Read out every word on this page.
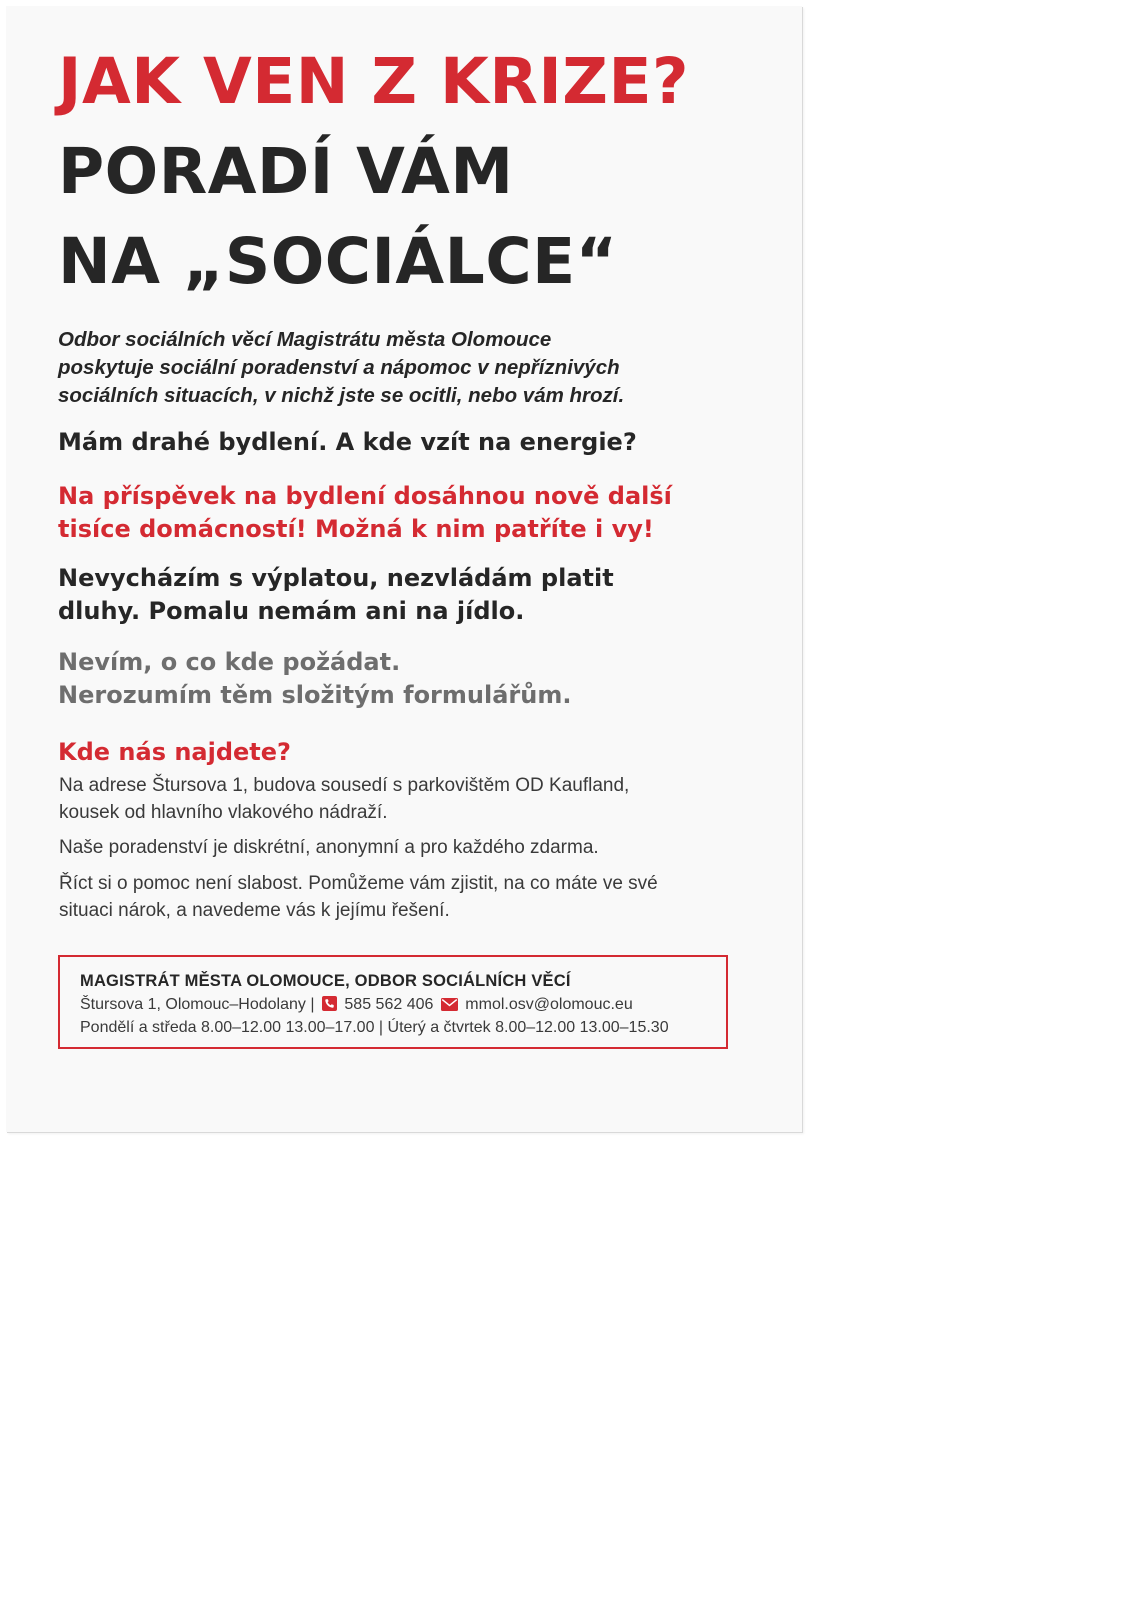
JAK VEN Z KRIZE?
PORADÍ VÁM
NA „SOCIÁLCE“

Odbor sociálních věcí Magistrátu města Olomouce
poskytuje sociální poradenství a nápomoc v nepříznivých
sociálních situacích, v nichž jste se ocitli, nebo vám hrozí.

Mám drahé bydlení. A kde vzít na energie?

Na příspěvek na bydlení dosáhnou nově další
tisíce domácností! Možná k nim patříte i vy!

Nevycházím s výplatou, nezvládám platit
dluhy. Pomalu nemám ani na jídlo.

Nevím, o co kde požádat.
Nerozumím těm složitým formulářům.

Kde nás najdete?

Na adrese Štursova 1, budova sousedí s parkovištěm OD Kaufland,
kousek od hlavního vlakového nádraží.

Naše poradenství je diskrétní, anonymní a pro každého zdarma.

Říct si o pomoc není slabost. Pomůžeme vám zjistit, na co máte ve své
situaci nárok, a navedeme vás k jejímu řešení.

MAGISTRÁT MĚSTA OLOMOUCE, ODBOR SOCIÁLNÍCH VĚCÍ

Štursova 1, Olomouc–Hodolany | 585 562 406 mmol.osv@olomouc.eu

Pondělí a středa 8.00–12.00 13.00–17.00 | Úterý a čtvrtek 8.00–12.00 13.00–15.30
